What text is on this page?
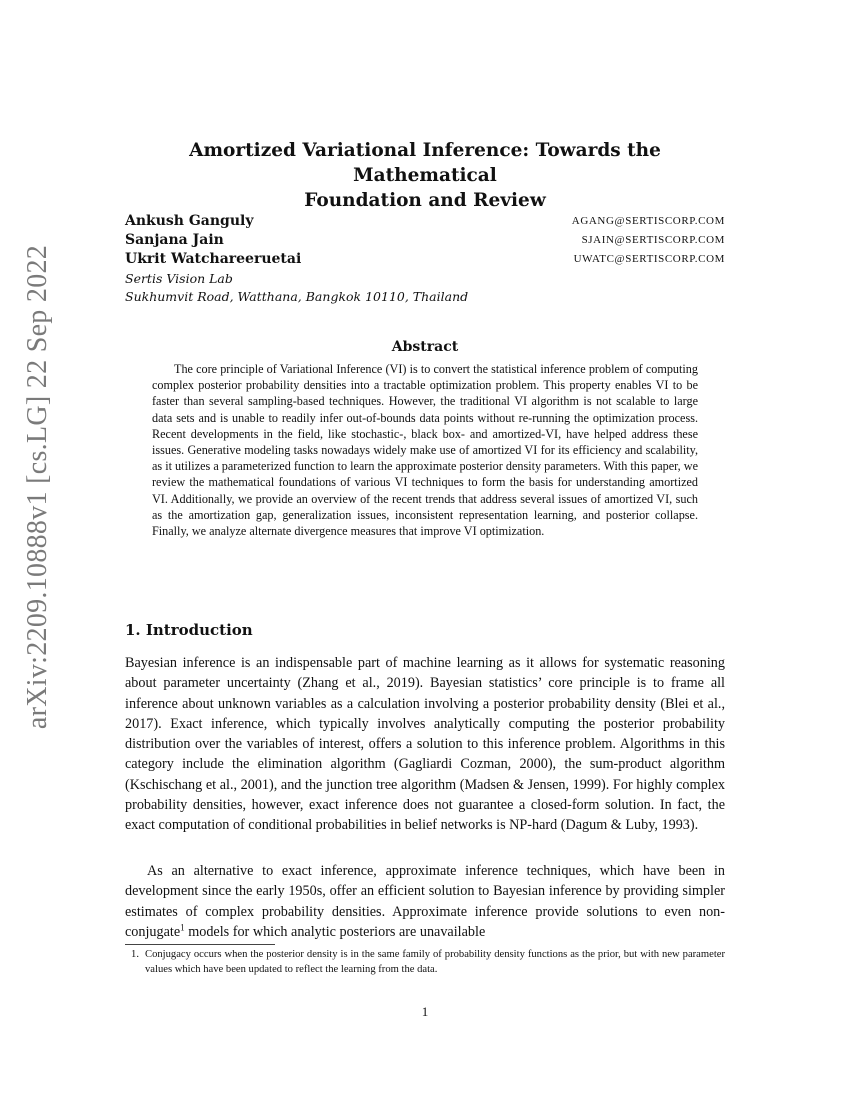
arXiv:2209.10888v1 [cs.LG] 22 Sep 2022
Amortized Variational Inference: Towards the Mathematical
Foundation and Review
Ankush Ganguly	AGANG@SERTISCORP.COM
Sanjana Jain	SJAIN@SERTISCORP.COM
Ukrit Watchareeruetai	UWATC@SERTISCORP.COM
Sertis Vision Lab
Sukhumvit Road, Watthana, Bangkok 10110, Thailand
Abstract

The core principle of Variational Inference (VI) is to convert the statistical inference problem of computing complex posterior probability densities into a tractable optimization problem. This property enables VI to be faster than several sampling-based techniques. However, the traditional VI algorithm is not scalable to large data sets and is unable to readily infer out-of-bounds data points without re-running the optimization process. Recent developments in the field, like stochastic-, black box- and amortized-VI, have helped address these issues. Generative modeling tasks nowadays widely make use of amortized VI for its efficiency and scalability, as it utilizes a parameterized function to learn the approximate posterior density parameters. With this paper, we review the mathematical foundations of various VI techniques to form the basis for understanding amortized VI. Additionally, we provide an overview of the recent trends that address several issues of amortized VI, such as the amortization gap, generalization issues, inconsistent representation learning, and posterior collapse. Finally, we analyze alternate divergence measures that improve VI optimization.

1. Introduction

Bayesian inference is an indispensable part of machine learning as it allows for systematic reasoning about parameter uncertainty (Zhang et al., 2019). Bayesian statistics’ core principle is to frame all inference about unknown variables as a calculation involving a posterior probability density (Blei et al., 2017). Exact inference, which typically involves analytically computing the posterior probability distribution over the variables of interest, offers a solution to this inference problem. Algorithms in this category include the elimination algorithm (Gagliardi Cozman, 2000), the sum-product algorithm (Kschischang et al., 2001), and the junction tree algorithm (Madsen & Jensen, 1999). For highly complex probability densities, however, exact inference does not guarantee a closed-form solution. In fact, the exact computation of conditional probabilities in belief networks is NP-hard (Dagum & Luby, 1993).

As an alternative to exact inference, approximate inference techniques, which have been in development since the early 1950s, offer an efficient solution to Bayesian inference by providing simpler estimates of complex probability densities. Approximate inference provide solutions to even non-conjugate$^1$ models for which analytic posteriors are unavailable

1. Conjugacy occurs when the posterior density is in the same family of probability density functions as the prior, but with new parameter values which have been updated to reflect the learning from the data.
1
